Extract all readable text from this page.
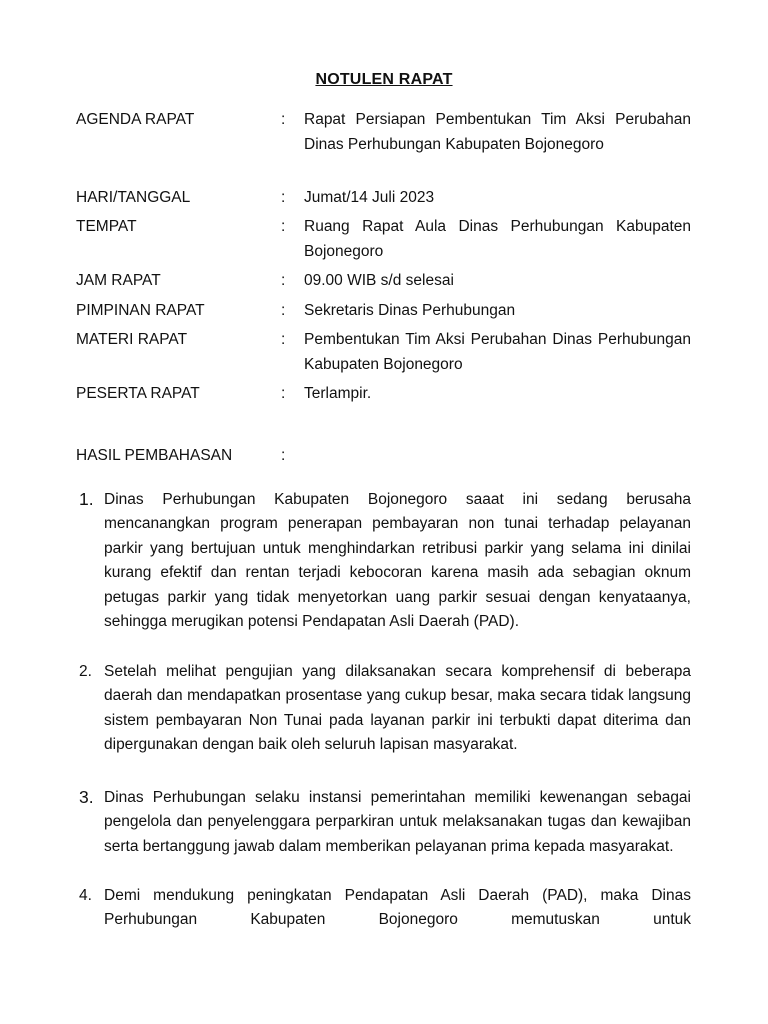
NOTULEN RAPAT
AGENDA RAPAT	: Rapat Persiapan Pembentukan Tim Aksi Perubahan Dinas Perhubungan Kabupaten Bojonegoro
HARI/TANGGAL	: Jumat/14 Juli 2023
TEMPAT	: Ruang Rapat Aula Dinas Perhubungan Kabupaten Bojonegoro
JAM RAPAT	: 09.00 WIB s/d selesai
PIMPINAN RAPAT	: Sekretaris Dinas Perhubungan
MATERI RAPAT	: Pembentukan Tim Aksi Perubahan Dinas Perhubungan Kabupaten Bojonegoro
PESERTA RAPAT	: Terlampir.
HASIL PEMBAHASAN	:
1. Dinas Perhubungan Kabupaten Bojonegoro saaat ini sedang berusaha mencanangkan program penerapan pembayaran non tunai terhadap pelayanan parkir yang bertujuan untuk menghindarkan retribusi parkir yang selama ini dinilai kurang efektif dan rentan terjadi kebocoran karena masih ada sebagian oknum petugas parkir yang tidak menyetorkan uang parkir sesuai dengan kenyataanya, sehingga merugikan potensi Pendapatan Asli Daerah (PAD).
2. Setelah melihat pengujian yang dilaksanakan secara komprehensif di beberapa daerah dan mendapatkan prosentase yang cukup besar, maka secara tidak langsung sistem pembayaran Non Tunai pada layanan parkir ini terbukti dapat diterima dan dipergunakan dengan baik oleh seluruh lapisan masyarakat.
3. Dinas Perhubungan selaku instansi pemerintahan memiliki kewenangan sebagai pengelola dan penyelenggara perparkiran untuk melaksanakan tugas dan kewajiban serta bertanggung jawab dalam memberikan pelayanan prima kepada masyarakat.
4. Demi mendukung peningkatan Pendapatan Asli Daerah (PAD), maka Dinas Perhubungan Kabupaten Bojonegoro memutuskan untuk
